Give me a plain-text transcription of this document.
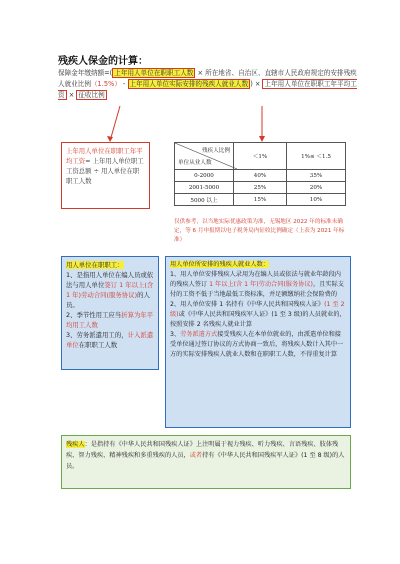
残疾人保金的计算：
保障金年缴纳额=( 上年用人单位在职职工人数 × 所在地省、自治区、直辖市人民政府规定的安排残疾人就业比例（1.5%） - 上年用人单位实际安排的残疾人就业人数 ) × 上年用人单位在职职工年平均工资 × 征收比例
上年用人单位在职职工年平均工资= 上年用人单位职工工资总额 ÷ 用人单位在职职工人数
残疾人比例
单位从业人数	＜1%	1%≤ ＜1.5
0-2000	40%	35%
2001-5000	25%	20%
5000 以上	15%	10%
仅供参考，以当地实际优惠政策为准，无锡地区 2022 年的标准未确定，等 6 月申报期以电子税务局内征收比例确定（上表为 2021 年标准）
用人单位在职职工：
1、是指用人单位在编人员或依法与用人单位签订 1 年以上(含 1 年)劳动合同(服务协议)的人员。
2、季节性用工应当折算为年平均用工人数
3、劳务派遣用工的，计入派遣单位在职职工人数
用人单位所安排的残疾人就业人数：
1、用人单位安排残疾人录用为在编人员或依法与就业年龄段内的残疾人签订 1 年以上(含 1 年)劳动合同(服务协议)，且实际支付的工资不低于当地最低工资标准，并足额缴纳社会保险费的
2、用人单位安排 1 名持有《中华人民共和国残疾人证》(1 至 2 级)或《中华人民共和国残疾军人证》(1 至 3 级)的人员就业的，按照安排 2 名残疾人就业计算
3、劳务派遣方式接受残疾人在本单位就业的，由派遣单位和接受单位通过签订协议的方式协商一致后，将残疾人数计入其中一方的实际安排残疾人就业人数和在职职工人数，不得重复计算
残疾人：是指持有《中华人民共和国残疾人证》上注明属于视力残疾、听力残疾、言语残疾、肢体残疾、智力残疾、精神残疾和多重残疾的人员，或者持有《中华人民共和国残疾军人证》(1 至 8 级)的人员。
